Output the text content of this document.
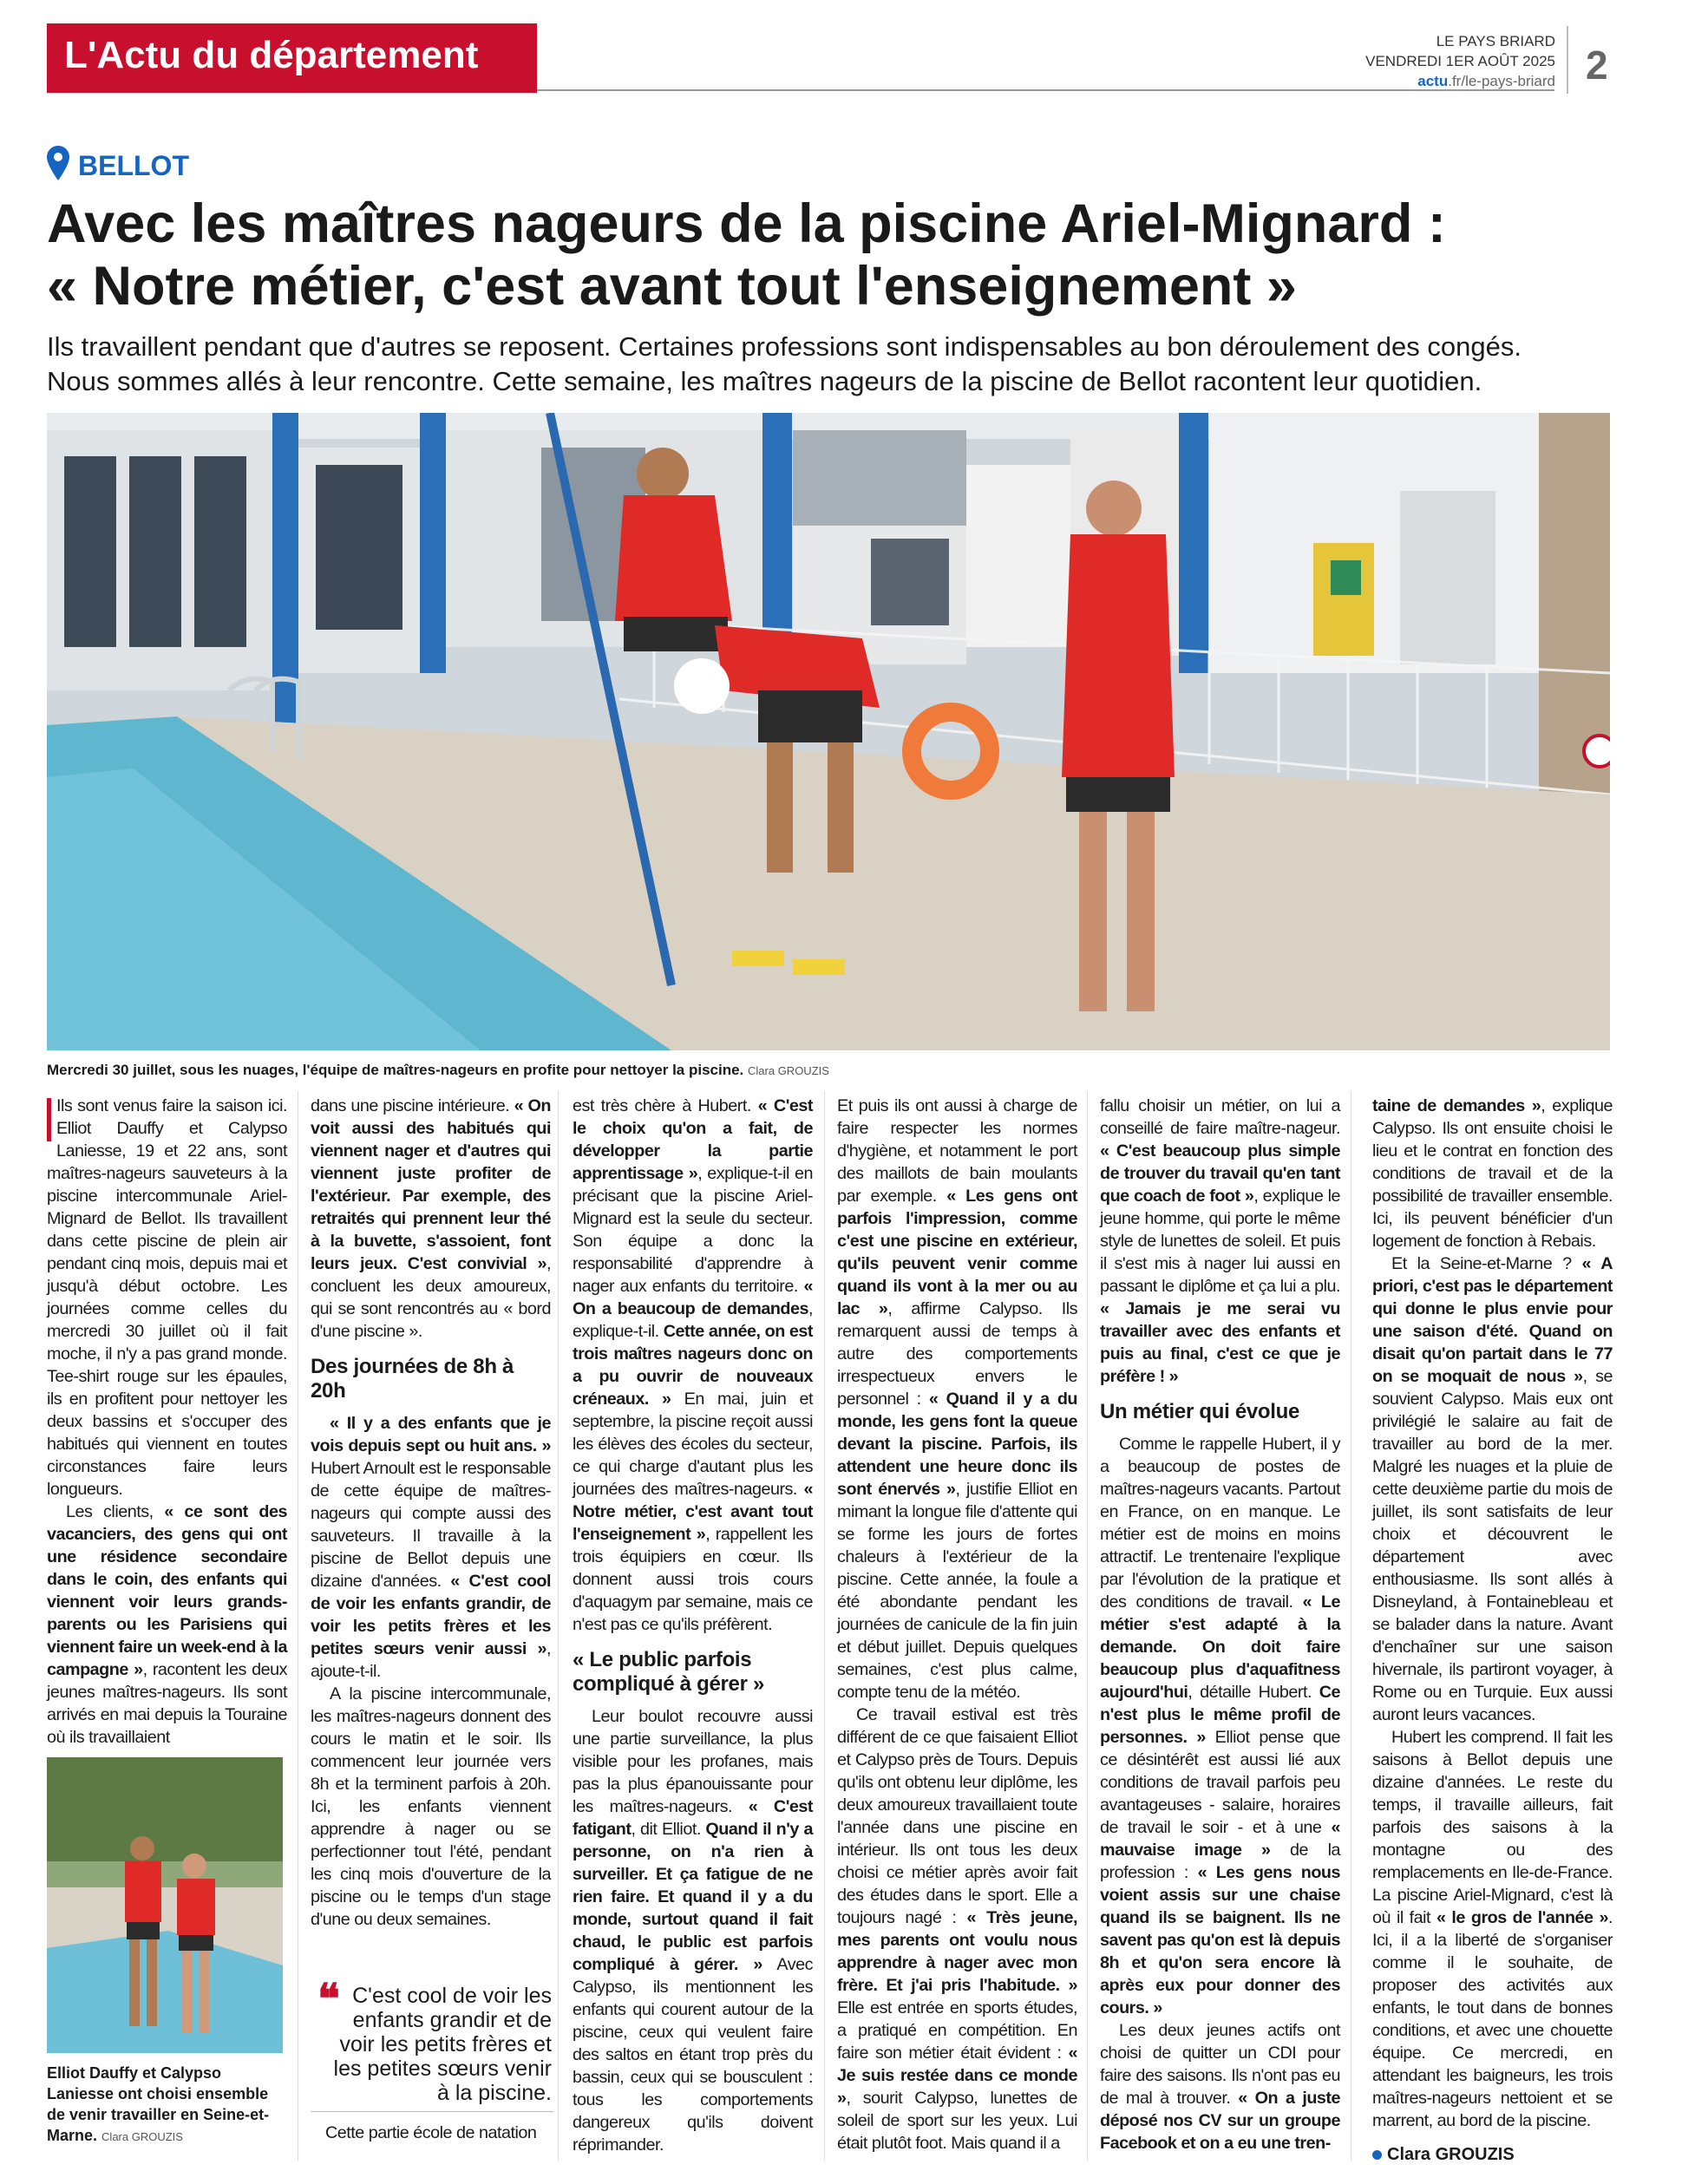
L'Actu du département	LE PAYS BRIARD
VENDREDI 1ER AOÛT 2025
actu.fr/le-pays-briard 2
BELLOT
Avec les maîtres nageurs de la piscine Ariel-Mignard :
« Notre métier, c'est avant tout l'enseignement »
Ils travaillent pendant que d'autres se reposent. Certaines professions sont indispensables au bon déroulement des congés.
Nous sommes allés à leur rencontre. Cette semaine, les maîtres nageurs de la piscine de Bellot racontent leur quotidien.
Mercredi 30 juillet, sous les nuages, l'équipe de maîtres-nageurs en profite pour nettoyer la piscine. Clara GROUZIS

Ils sont venus faire la saison ici. Elliot Dauffy et Calypso Laniesse, 19 et 22 ans, sont maîtres-nageurs sauveteurs à la piscine intercommunale Ariel-Mignard de Bellot. Ils travaillent dans cette piscine de plein air pendant cinq mois, depuis mai et jusqu'à début octobre. Les journées comme celles du mercredi 30 juillet où il fait moche, il n'y a pas grand monde. Tee-shirt rouge sur les épaules, ils en profitent pour nettoyer les deux bassins et s'occuper des habitués qui viennent en toutes circonstances faire leurs longueurs.

Les clients, « ce sont des vacanciers, des gens qui ont une résidence secondaire dans le coin, des enfants qui viennent voir leurs grands-parents ou les Parisiens qui viennent faire un week-end à la campagne », racontent les deux jeunes maîtres-nageurs. Ils sont arrivés en mai depuis la Touraine où ils travaillaient

Elliot Dauffy et Calypso Laniesse ont choisi ensemble de venir travailler en Seine-et-Marne. Clara GROUZIS

dans une piscine intérieure. « On voit aussi des habitués qui viennent nager et d'autres qui viennent juste profiter de l'extérieur. Par exemple, des retraités qui prennent leur thé à la buvette, s'assoient, font leurs jeux. C'est convivial », concluent les deux amoureux, qui se sont rencontrés au « bord d'une piscine ».

Des journées de 8h à 20h

« Il y a des enfants que je vois depuis sept ou huit ans. » Hubert Arnoult est le responsable de cette équipe de maîtres-nageurs qui compte aussi des sauveteurs. Il travaille à la piscine de Bellot depuis une dizaine d'années. « C'est cool de voir les enfants grandir, de voir les petits frères et les petites sœurs venir aussi », ajoute-t-il.

A la piscine intercommunale, les maîtres-nageurs donnent des cours le matin et le soir. Ils commencent leur journée vers 8h et la terminent parfois à 20h. Ici, les enfants viennent apprendre à nager ou se perfectionner tout l'été, pendant les cinq mois d'ouverture de la piscine ou le temps d'un stage d'une ou deux semaines.

❝ C'est cool de voir les enfants grandir et de voir les petits frères et les petites sœurs venir à la piscine.

Cette partie école de natation

est très chère à Hubert. « C'est le choix qu'on a fait, de développer la partie apprentissage », explique-t-il en précisant que la piscine Ariel-Mignard est la seule du secteur. Son équipe a donc la responsabilité d'apprendre à nager aux enfants du territoire. « On a beaucoup de demandes, explique-t-il. Cette année, on est trois maîtres nageurs donc on a pu ouvrir de nouveaux créneaux. » En mai, juin et septembre, la piscine reçoit aussi les élèves des écoles du secteur, ce qui charge d'autant plus les journées des maîtres-nageurs. « Notre métier, c'est avant tout l'enseignement », rappellent les trois équipiers en cœur. Ils donnent aussi trois cours d'aquagym par semaine, mais ce n'est pas ce qu'ils préfèrent.

« Le public parfois compliqué à gérer »

Leur boulot recouvre aussi une partie surveillance, la plus visible pour les profanes, mais pas la plus épanouissante pour les maîtres-nageurs. « C'est fatigant, dit Elliot. Quand il n'y a personne, on n'a rien à surveiller. Et ça fatigue de ne rien faire. Et quand il y a du monde, surtout quand il fait chaud, le public est parfois compliqué à gérer. » Avec Calypso, ils mentionnent les enfants qui courent autour de la piscine, ceux qui veulent faire des saltos en étant trop près du bassin, ceux qui se bousculent : tous les comportements dangereux qu'ils doivent réprimander.

Et puis ils ont aussi à charge de faire respecter les normes d'hygiène, et notamment le port des maillots de bain moulants par exemple. « Les gens ont parfois l'impression, comme c'est une piscine en extérieur, qu'ils peuvent venir comme quand ils vont à la mer ou au lac », affirme Calypso. Ils remarquent aussi de temps à autre des comportements irrespectueux envers le personnel : « Quand il y a du monde, les gens font la queue devant la piscine. Parfois, ils attendent une heure donc ils sont énervés », justifie Elliot en mimant la longue file d'attente qui se forme les jours de fortes chaleurs à l'extérieur de la piscine. Cette année, la foule a été abondante pendant les journées de canicule de la fin juin et début juillet. Depuis quelques semaines, c'est plus calme, compte tenu de la météo.

Ce travail estival est très différent de ce que faisaient Elliot et Calypso près de Tours. Depuis qu'ils ont obtenu leur diplôme, les deux amoureux travaillaient toute l'année dans une piscine en intérieur. Ils ont tous les deux choisi ce métier après avoir fait des études dans le sport. Elle a toujours nagé : « Très jeune, mes parents ont voulu nous apprendre à nager avec mon frère. Et j'ai pris l'habitude. » Elle est entrée en sports études, a pratiqué en compétition. En faire son métier était évident : « Je suis restée dans ce monde », sourit Calypso, lunettes de soleil de sport sur les yeux. Lui était plutôt foot. Mais quand il a

fallu choisir un métier, on lui a conseillé de faire maître-nageur. « C'est beaucoup plus simple de trouver du travail qu'en tant que coach de foot », explique le jeune homme, qui porte le même style de lunettes de soleil. Et puis il s'est mis à nager lui aussi en passant le diplôme et ça lui a plu. « Jamais je me serai vu travailler avec des enfants et puis au final, c'est ce que je préfère ! »

Un métier qui évolue

Comme le rappelle Hubert, il y a beaucoup de postes de maîtres-nageurs vacants. Partout en France, on en manque. Le métier est de moins en moins attractif. Le trentenaire l'explique par l'évolution de la pratique et des conditions de travail. « Le métier s'est adapté à la demande. On doit faire beaucoup plus d'aquafitness aujourd'hui, détaille Hubert. Ce n'est plus le même profil de personnes. » Elliot pense que ce désintérêt est aussi lié aux conditions de travail parfois peu avantageuses - salaire, horaires de travail le soir - et à une « mauvaise image » de la profession : « Les gens nous voient assis sur une chaise quand ils se baignent. Ils ne savent pas qu'on est là depuis 8h et qu'on sera encore là après eux pour donner des cours. »

Les deux jeunes actifs ont choisi de quitter un CDI pour faire des saisons. Ils n'ont pas eu de mal à trouver. « On a juste déposé nos CV sur un groupe Facebook et on a eu une tren-

taine de demandes », explique Calypso. Ils ont ensuite choisi le lieu et le contrat en fonction des conditions de travail et de la possibilité de travailler ensemble. Ici, ils peuvent bénéficier d'un logement de fonction à Rebais.

Et la Seine-et-Marne ? « A priori, c'est pas le département qui donne le plus envie pour une saison d'été. Quand on disait qu'on partait dans le 77 on se moquait de nous », se souvient Calypso. Mais eux ont privilégié le salaire au fait de travailler au bord de la mer. Malgré les nuages et la pluie de cette deuxième partie du mois de juillet, ils sont satisfaits de leur choix et découvrent le département avec enthousiasme. Ils sont allés à Disneyland, à Fontainebleau et se balader dans la nature. Avant d'enchaîner sur une saison hivernale, ils partiront voyager, à Rome ou en Turquie. Eux aussi auront leurs vacances.

Hubert les comprend. Il fait les saisons à Bellot depuis une dizaine d'années. Le reste du temps, il travaille ailleurs, fait parfois des saisons à la montagne ou des remplacements en Ile-de-France. La piscine Ariel-Mignard, c'est là où il fait « le gros de l'année ». Ici, il a la liberté de s'organiser comme il le souhaite, de proposer des activités aux enfants, le tout dans de bonnes conditions, et avec une chouette équipe. Ce mercredi, en attendant les baigneurs, les trois maîtres-nageurs nettoient et se marrent, au bord de la piscine.

Clara GROUZIS
